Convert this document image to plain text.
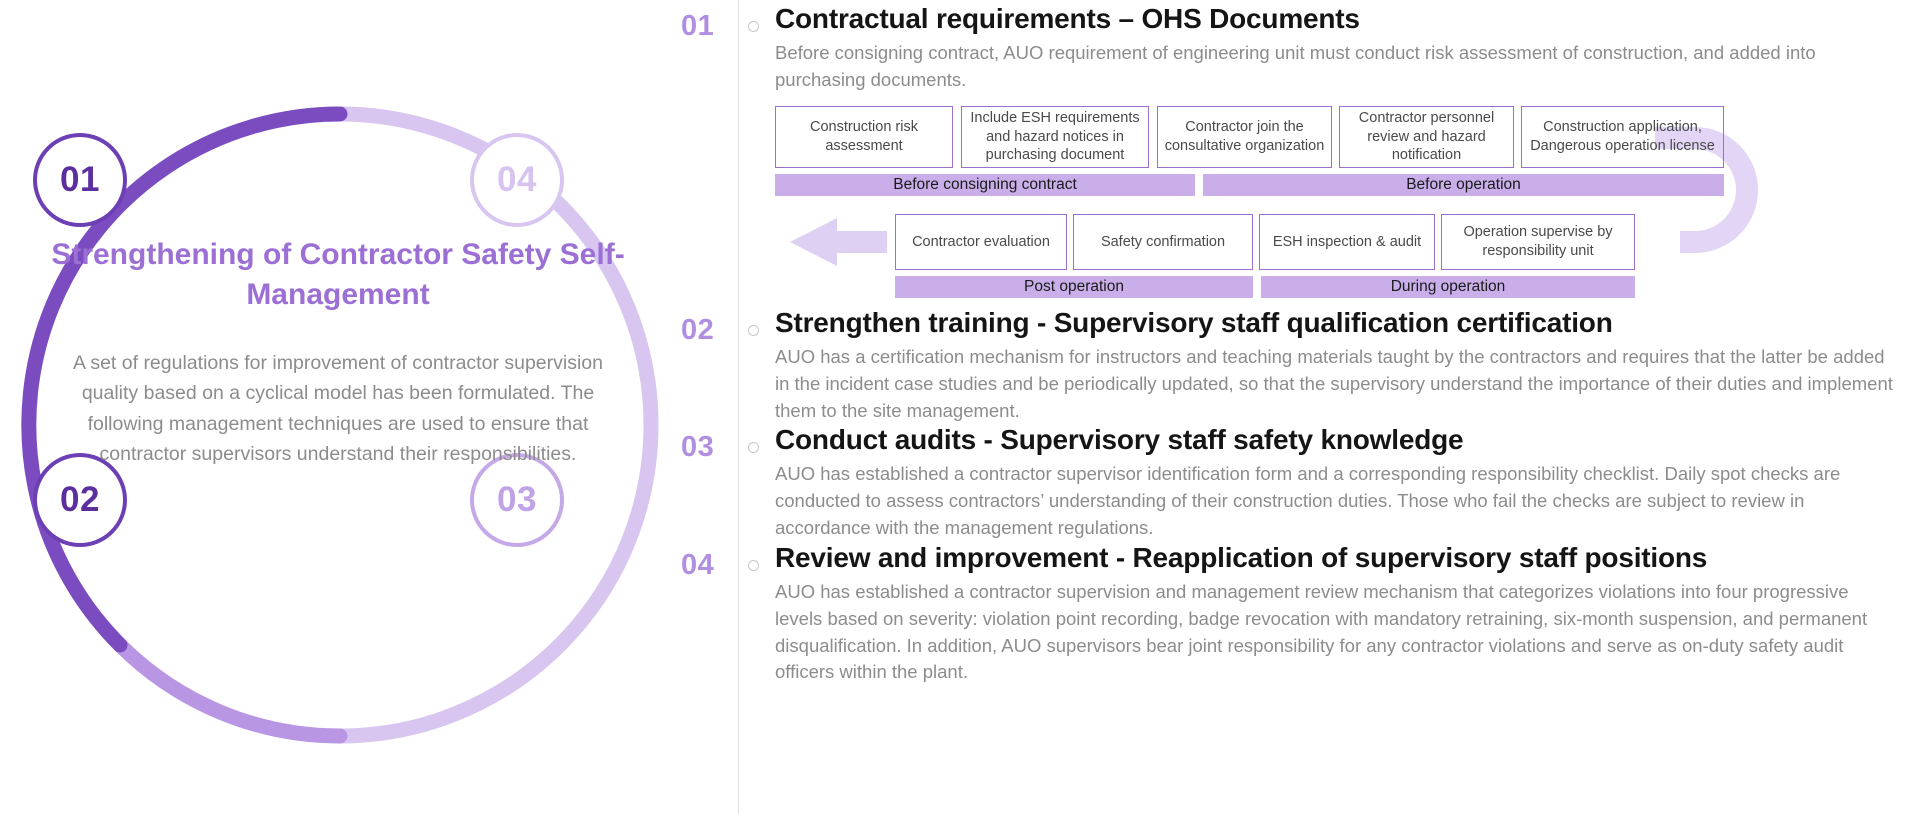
01
02	03
04
Strengthening of Contractor Safety Self-Management

A set of regulations for improvement of contractor supervision quality based on a cyclical model has been formulated. The following management techniques are used to ensure that contractor supervisors understand their responsibilities.

01 Contractual requirements – OHS Documents
Before consigning contract, AUO requirement of engineering unit must conduct risk assessment of construction, and added into purchasing documents.
Construction risk assessment
Include ESH requirements and hazard notices in purchasing document
Contractor join the consultative organization
Contractor personnel review and hazard notification
Construction application, Dangerous operation license
Before consigning contract	Before operation
Contractor evaluation	Safety confirmation	ESH inspection & audit
Operation supervise by responsibility unit
Post operation	During operation
02 Strengthen training - Supervisory staff qualification certification
AUO has a certification mechanism for instructors and teaching materials taught by the contractors and requires that the latter be added in the incident case studies and be periodically updated, so that the supervisory understand the importance of their duties and implement them to the site management.
03 Conduct audits - Supervisory staff safety knowledge
AUO has established a contractor supervisor identification form and a corresponding responsibility checklist. Daily spot checks are conducted to assess contractors’ understanding of their construction duties. Those who fail the checks are subject to review in accordance with the management regulations.
04 Review and improvement - Reapplication of supervisory staff positions
AUO has established a contractor supervision and management review mechanism that categorizes violations into four progressive levels based on severity: violation point recording, badge revocation with mandatory retraining, six-month suspension, and permanent disqualification. In addition, AUO supervisors bear joint responsibility for any contractor violations and serve as on-duty safety audit officers within the plant.
